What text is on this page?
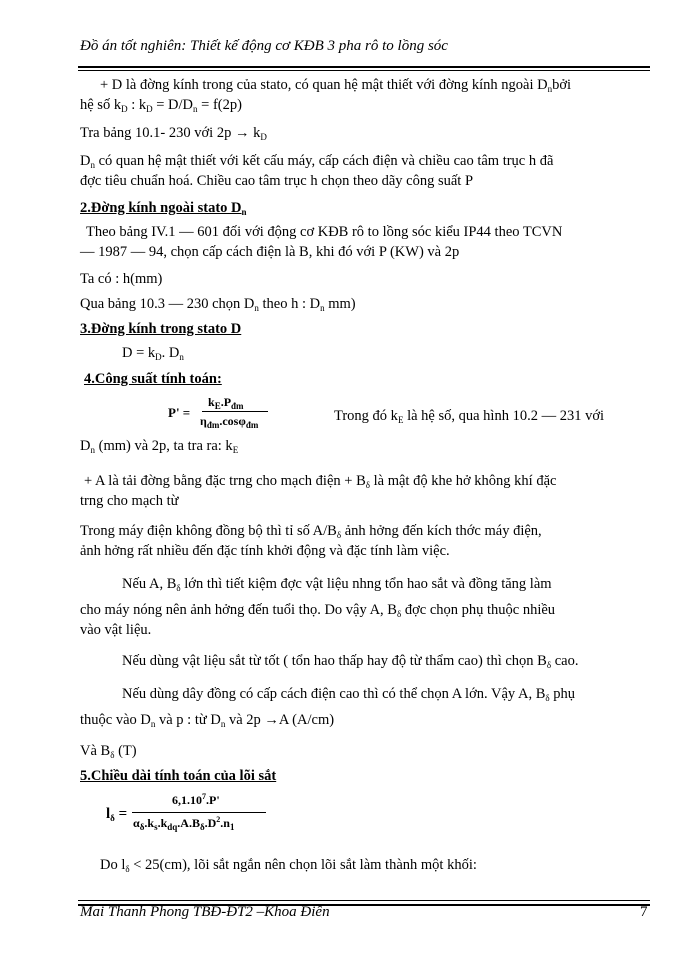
Đồ án tốt nghiên: Thiết kế động cơ KĐB 3 pha rô to lồng sóc
+ D là đờng kính trong của stato, có quan hệ mật thiết với đờng kính ngoài $D_nbởi$
hệ số $k_D$ : $k_D = D/D_n = f(2p)$
Tra bảng 10.1- 230 với $2p \to k_D$
$D_n$ có quan hệ mật thiết với kết cấu máy, cấp cách điện và chiều cao tâm trục h đã
đợc tiêu chuẩn hoá. Chiều cao tâm trục h chọn theo dãy công suất P
2.Đờng kính ngoài stato $D_n$
Theo bảng IV.1 — 601 đối với động cơ KĐB rô to lồng sóc kiểu IP44 theo TCVN
— 1987 — 94, chọn cấp cách điện là B, khi đó với P (KW) và 2p
Ta có : h(mm)
Qua bảng 10.3 — 230 chọn $D_n$ theo h : $D_n$ mm)
3.Đờng kính trong stato D
$D = k_D$. $D_n$
4.Công suất tính toán:
P' =
$k_E.P_{đm}$
$\eta_{đm}.\cos\varphi_{đm}$
Trong đó $k_E$ là hệ số, qua hình 10.2 — 231 với
$D_n$ (mm) và 2p, ta tra ra: $k_E$
+ A là tải đờng bằng đặc trng cho mạch điện + $B_\delta$ là mật độ khe hở không khí đặc
trng cho mạch từ
Trong máy điện không đồng bộ thì tỉ số $A/B_\delta$ ảnh hởng đến kích thớc máy điện,
ảnh hởng rất nhiều đến đặc tính khởi động và đặc tính làm việc.
Nếu A, $B_\delta$ lớn thì tiết kiệm đợc vật liệu nhng tổn hao sắt và đồng tăng làm
cho máy nóng nên ảnh hởng đến tuổi thọ. Do vậy A, $B_\delta$ đợc chọn phụ thuộc nhiều
vào vật liệu.
Nếu dùng vật liệu sắt từ tốt ( tổn hao thấp hay độ từ thẩm cao) thì chọn $B_\delta$ cao.
Nếu dùng dây đồng có cấp cách điện cao thì có thể chọn A lớn. Vậy A, $B_\delta$ phụ
thuộc vào $D_n$ và p : từ $D_n$ và 2p →A (A/cm)
Và $B_\delta$ (T)
5.Chiều dài tính toán của lõi sắt
$l_\delta$ =
$6,1.10^7.P'$
$\alpha_\delta.k_s.k_{dq}.A.B_\delta.D^2.n_1$
Do $l_\delta < 25(cm)$, lõi sắt ngắn nên chọn lõi sắt làm thành một khối:
Mai Thanh Phong TBĐ-ĐT2 –Khoa Điên	7
